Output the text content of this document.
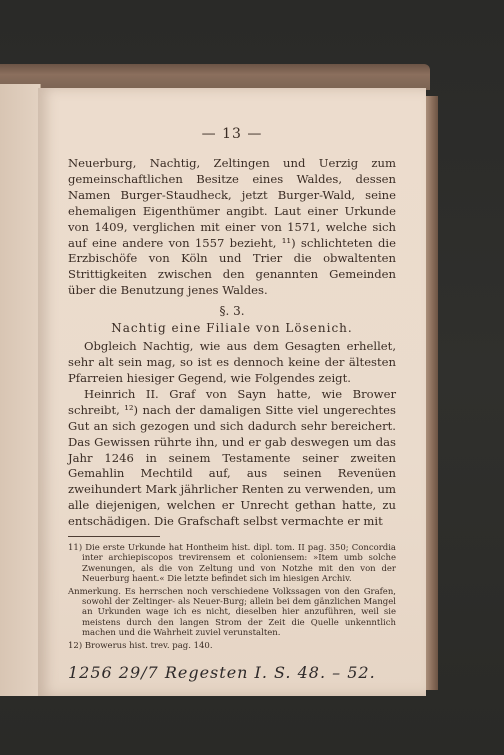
— 13 —

Neuerburg, Nachtig, Zeltingen und Uerzig zum gemeinschaftlichen Besitze eines Waldes, dessen Namen Burger-Staudheck, jetzt Burger-Wald, seine ehemaligen Eigenthümer angibt. Laut einer Urkunde von 1409, verglichen mit einer von 1571, welche sich auf eine andere von 1557 bezieht, ¹¹) schlichteten die Erzbischöfe von Köln und Trier die obwaltenten Strittigkeiten zwischen den genannten Gemeinden über die Benutzung jenes Waldes.

§. 3.
Nachtig eine Filiale von Lösenich.

Obgleich Nachtig, wie aus dem Gesagten erhellet, sehr alt sein mag, so ist es dennoch keine der ältesten Pfarreien hiesiger Gegend, wie Folgendes zeigt.

Heinrich II. Graf von Sayn hatte, wie Brower schreibt, ¹²) nach der damaligen Sitte viel ungerechtes Gut an sich gezogen und sich dadurch sehr bereichert. Das Gewissen rührte ihn, und er gab deswegen um das Jahr 1246 in seinem Testamente seiner zweiten Gemahlin Mechtild auf, aus seinen Revenüen zweihundert Mark jährlicher Renten zu verwenden, um alle diejenigen, welchen er Unrecht gethan hatte, zu entschädigen. Die Grafschaft selbst vermachte er mit

11) Die erste Urkunde hat Hontheim hist. dipl. tom. II pag. 350; Concordia inter archiepiscopos trevirensem et coloniensem: »Item umb solche Zwenungen, als die von Zeltung und von Notzhe mit den von der Neuerburg haent.« Die letzte befindet sich im hiesigen Archiv.

Anmerkung. Es herrschen noch verschiedene Volkssagen von den Grafen, sowohl der Zeltinger- als Neuer-Burg; allein bei dem gänzlichen Mangel an Urkunden wage ich es nicht, dieselben hier anzuführen, weil sie meistens durch den langen Strom der Zeit die Quelle unkenntlich machen und die Wahrheit zuviel verunstalten.

12) Browerus hist. trev. pag. 140.

1256 29/7 Regesten I. S. 48. – 52.
